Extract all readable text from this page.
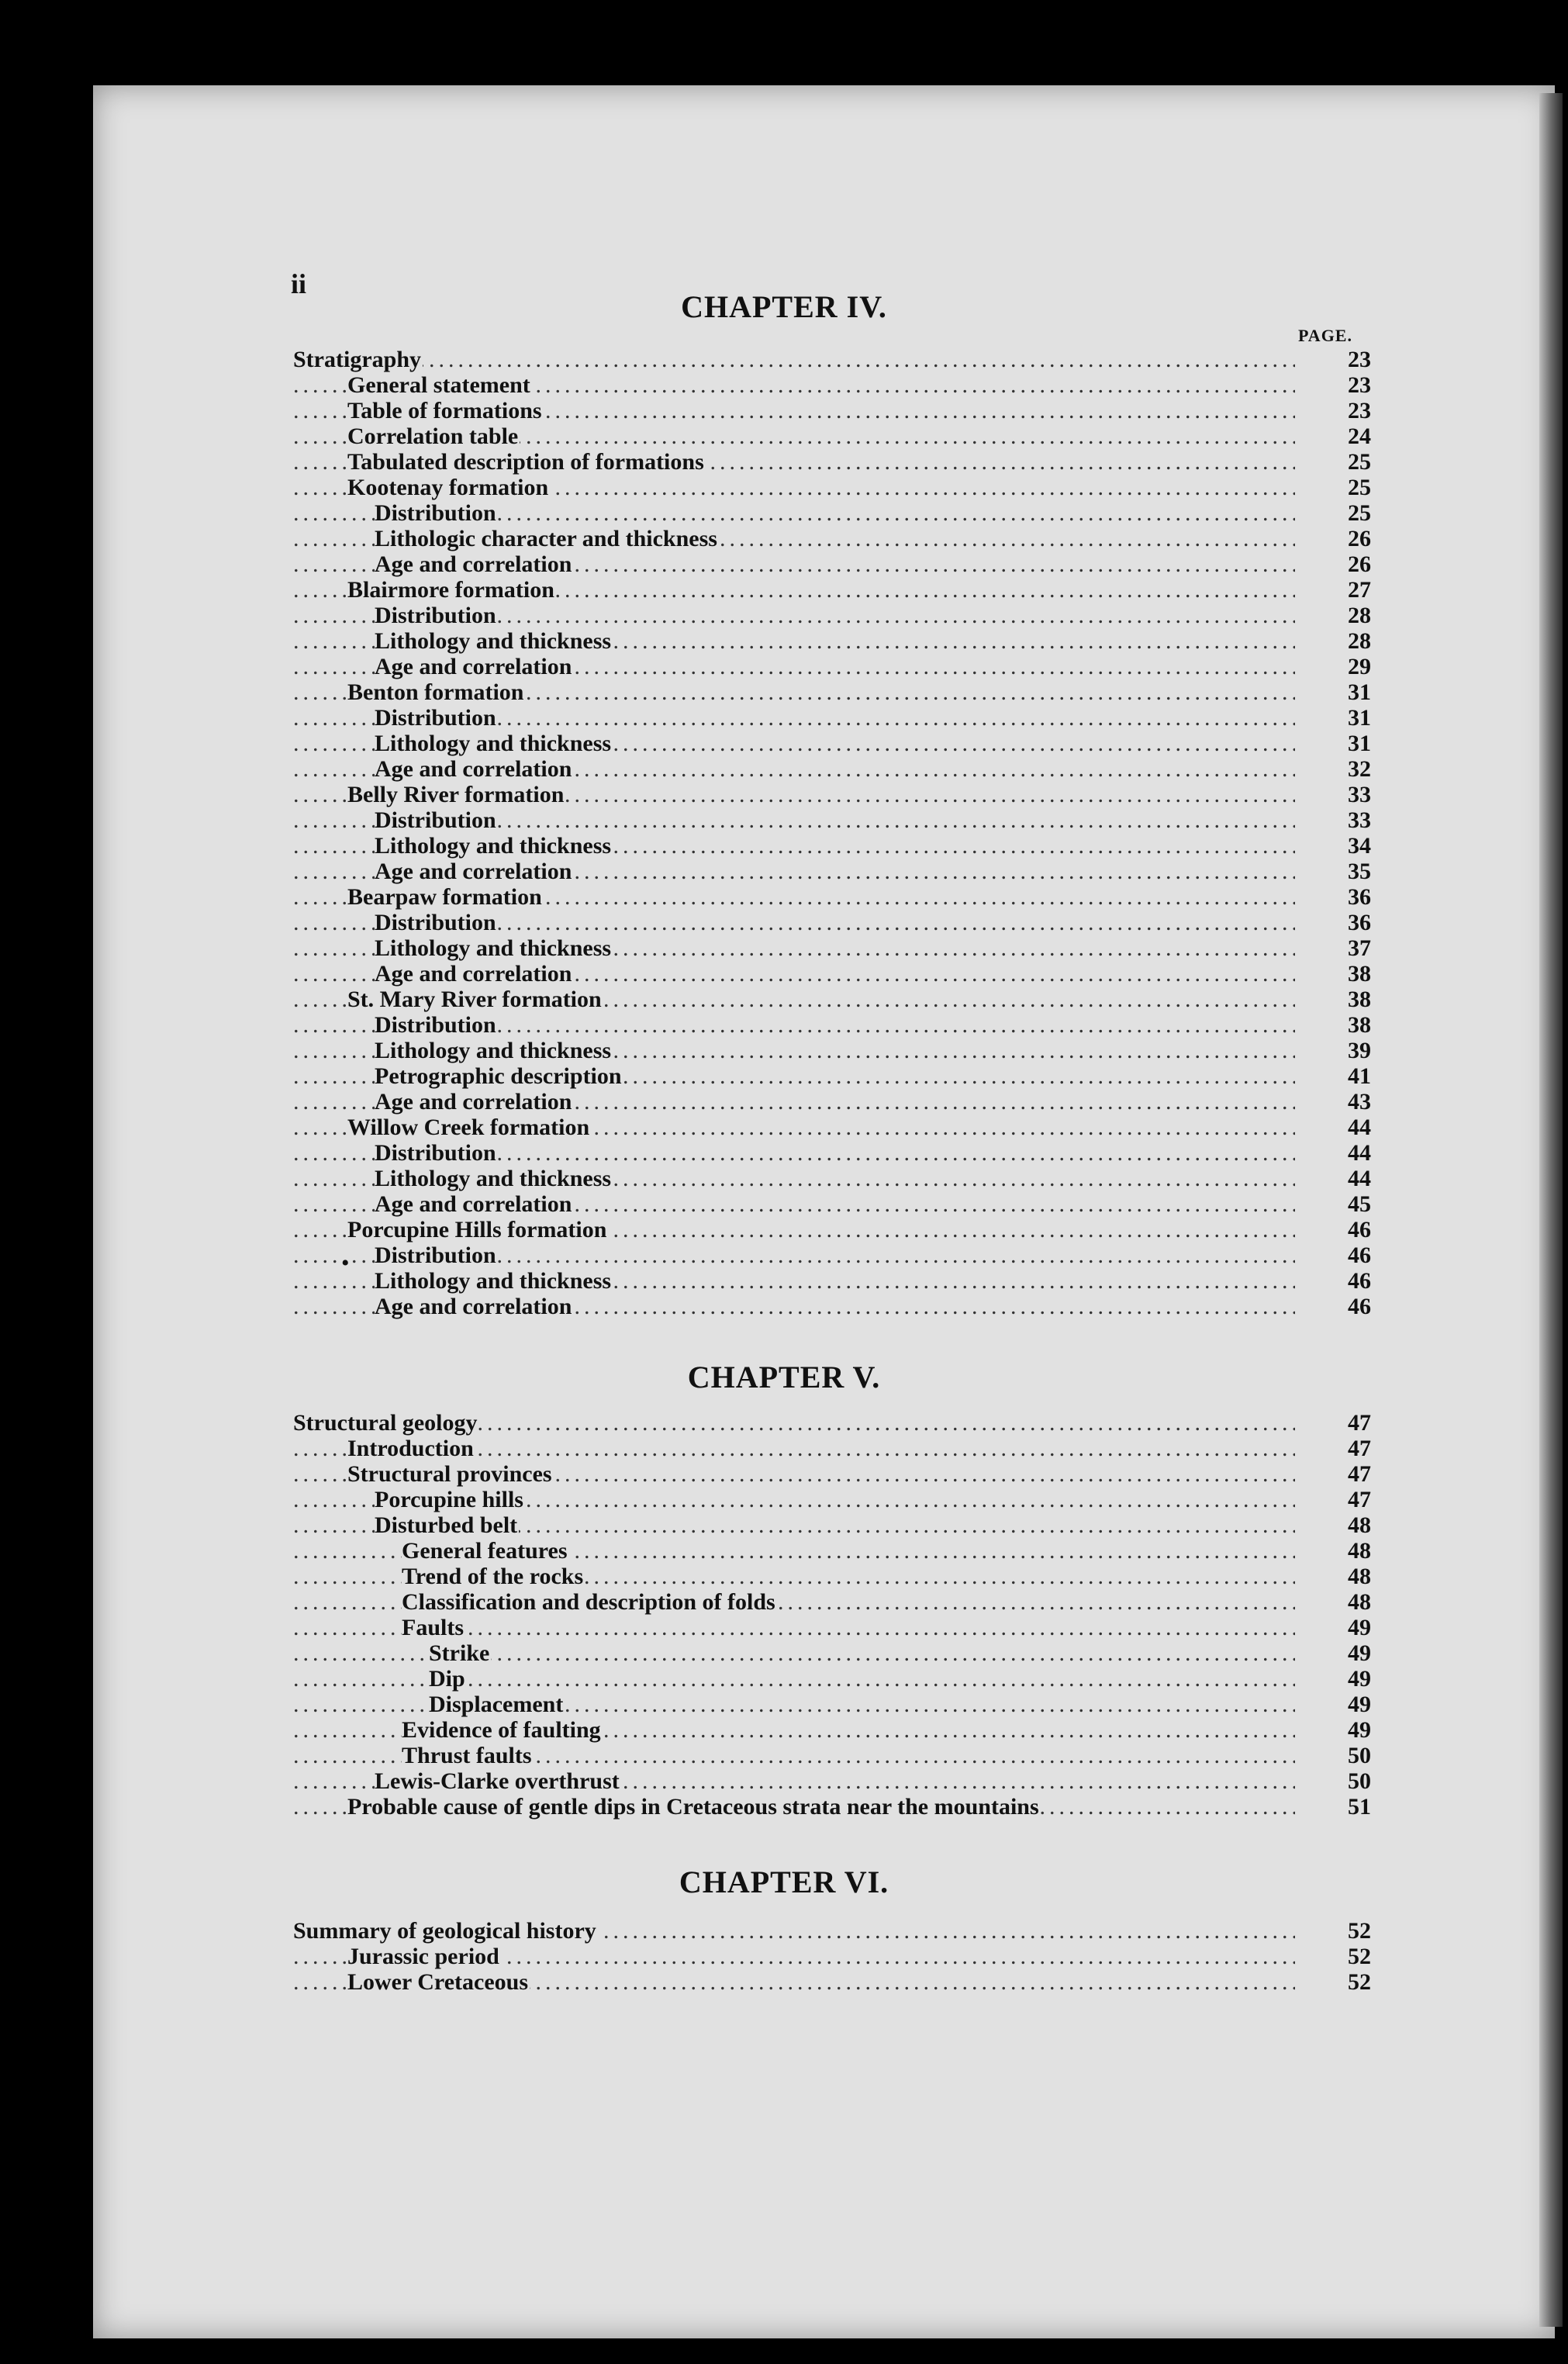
ii
CHAPTER IV.
PAGE.
.....
Stratigraphy	23
.....
General statement	23
.....
Table of formations	23
.....
Correlation table	24
.....
Tabulated description of formations	25
.....
Kootenay formation	25
.....
Distribution	25
.....
Lithologic character and thickness	26
.....
Age and correlation	26
.....
Blairmore formation	27
.....
Distribution	28
.....
Lithology and thickness	28
.....
Age and correlation	29
.....
Benton formation	31
.....
Distribution	31
.....
Lithology and thickness	31
.....
Age and correlation	32
.....
Belly River formation	33
.....
Distribution	33
.....
Lithology and thickness	34
.....
Age and correlation	35
.....
Bearpaw formation	36
.....
Distribution	36
.....
Lithology and thickness	37
.....
Age and correlation	38
.....
St. Mary River formation	38
.....
Distribution	38
.....
Lithology and thickness	39
.....
Petrographic description	41
.....
Age and correlation	43
.....
Willow Creek formation	44
.....
Distribution	44
.....
Lithology and thickness	44
.....
Age and correlation	45
.....
Porcupine Hills formation	46
.....
Distribution	46
.....
Lithology and thickness	46
.....
Age and correlation	46
CHAPTER V.
.....
Structural geology	47
.....
Introduction	47
.....
Structural provinces	47
.....
Porcupine hills	47
.....
Disturbed belt	48
.....
General features	48
.....
Trend of the rocks	48
.....
Classification and description of folds	48
.....
Faults	49
.....
Strike	49
.....
Dip	49
.....
Displacement	49
.....
Evidence of faulting	49
.....
Thrust faults	50
.....
Lewis-Clarke overthrust	50
.....
Probable cause of gentle dips in Cretaceous strata near the mountains	51
CHAPTER VI.
.....
Summary of geological history	52
.....
Jurassic period	52
.....
Lower Cretaceous	52
•
